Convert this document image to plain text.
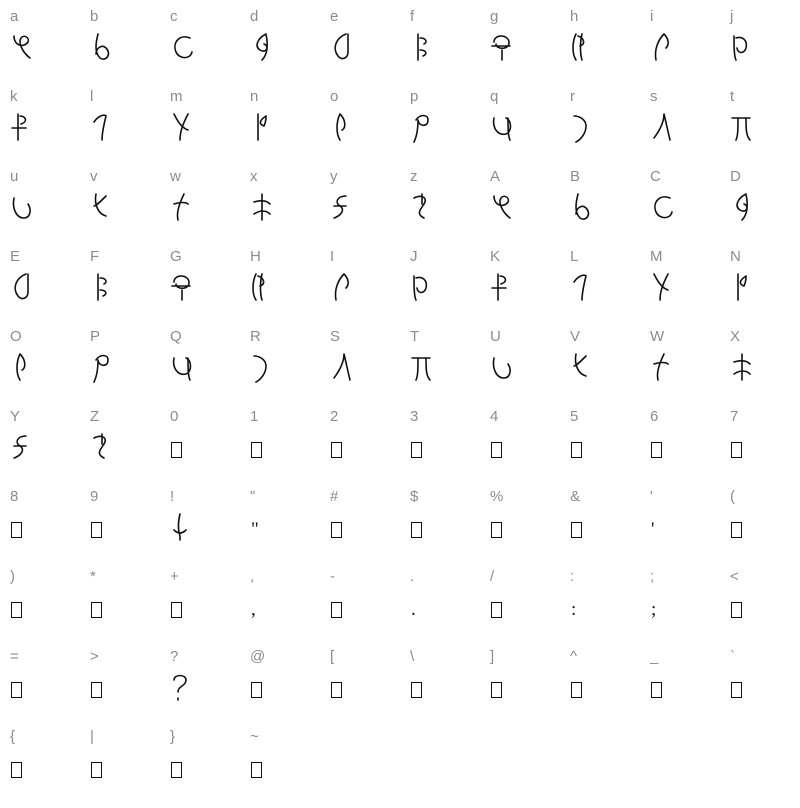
a	b	c	d	e	f	g	h	i	j
k	l	m	n	o	p	q	r	s	t
u	v	w	x	y	z	A	B	C	D
E	F	G	H	I	J	K	L	M	N
O	P	Q	R	S	T	U	V	W	X
Y	Z	0	1	2	3	4	5	6	7
8	9	!	"
"
#	$	%	&	'
'
(
)	*	+	,
,
-	.
.
/	:
:
;
;
<
=	>	?	@	[	\	]	^	_	`
{	|	}	~
